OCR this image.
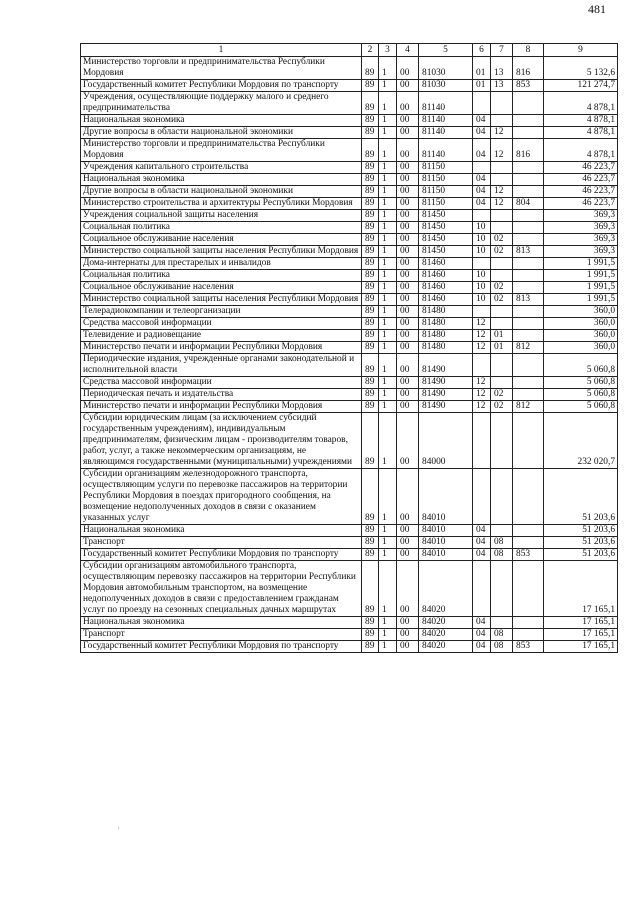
481
1	2	3	4	5	6	7	8	9
Министерство торговли и предпринимательства Республики Мордовия	89	1	00	81030	01	13	816	5 132,6
Государственный комитет Республики Мордовия по транспорту	89	1	00	81030	01	13	853	121 274,7
Учреждения, осуществляющие поддержку малого и среднего предпринимательства	89	1	00	81140				4 878,1
Национальная экономика	89	1	00	81140	04			4 878,1
Другие вопросы в области национальной экономики	89	1	00	81140	04	12		4 878,1
Министерство торговли и предпринимательства Республики Мордовия	89	1	00	81140	04	12	816	4 878,1
Учреждения капитального строительства	89	1	00	81150				46 223,7
Национальная экономика	89	1	00	81150	04			46 223,7
Другие вопросы в области национальной экономики	89	1	00	81150	04	12		46 223,7
Министерство строительства и архитектуры Республики Мордовия	89	1	00	81150	04	12	804	46 223,7
Учреждения социальной защиты населения	89	1	00	81450				369,3
Социальная политика	89	1	00	81450	10			369,3
Социальное обслуживание населения	89	1	00	81450	10	02		369,3
Министерство социальной защиты населения Республики Мордовия	89	1	00	81450	10	02	813	369,3
Дома-интернаты для престарелых и инвалидов	89	1	00	81460				1 991,5
Социальная политика	89	1	00	81460	10			1 991,5
Социальное обслуживание населения	89	1	00	81460	10	02		1 991,5
Министерство социальной защиты населения Республики Мордовия	89	1	00	81460	10	02	813	1 991,5
Телерадиокомпании и телеорганизации	89	1	00	81480				360,0
Средства массовой информации	89	1	00	81480	12			360,0
Телевидение и радиовещание	89	1	00	81480	12	01		360,0
Министерство печати и информации Республики Мордовия	89	1	00	81480	12	01	812	360,0
Периодические издания, учрежденные органами законодательной и исполнительной власти	89	1	00	81490				5 060,8
Средства массовой информации	89	1	00	81490	12			5 060,8
Периодическая печать и издательства	89	1	00	81490	12	02		5 060,8
Министерство печати и информации Республики Мордовия	89	1	00	81490	12	02	812	5 060,8
Субсидии юридическим лицам (за исключением субсидий государственным учреждениям), индивидуальным предпринимателям, физическим лицам - производителям товаров, работ, услуг, а также некоммерческим организациям, не являющимся государственными (муниципальными) учреждениями	89	1	00	84000				232 020,7
Субсидии организациям железнодорожного транспорта, осуществляющим услуги по перевозке пассажиров на территории Республики Мордовия в поездах пригородного сообщения, на возмещение недополученных доходов в связи с оказанием указанных услуг	89	1	00	84010				51 203,6
Национальная экономика	89	1	00	84010	04			51 203,6
Транспорт	89	1	00	84010	04	08		51 203,6
Государственный комитет Республики Мордовия по транспорту	89	1	00	84010	04	08	853	51 203,6
Субсидии организациям автомобильного транспорта, осуществляющим перевозку пассажиров на территории Республики Мордовия автомобильным транспортом, на возмещение недополученных доходов в связи с предоставлением гражданам услуг по проезду на сезонных специальных дачных маршрутах	89	1	00	84020				17 165,1
Национальная экономика	89	1	00	84020	04			17 165,1
Транспорт	89	1	00	84020	04	08		17 165,1
Государственный комитет Республики Мордовия по транспорту	89	1	00	84020	04	08	853	17 165,1
'
